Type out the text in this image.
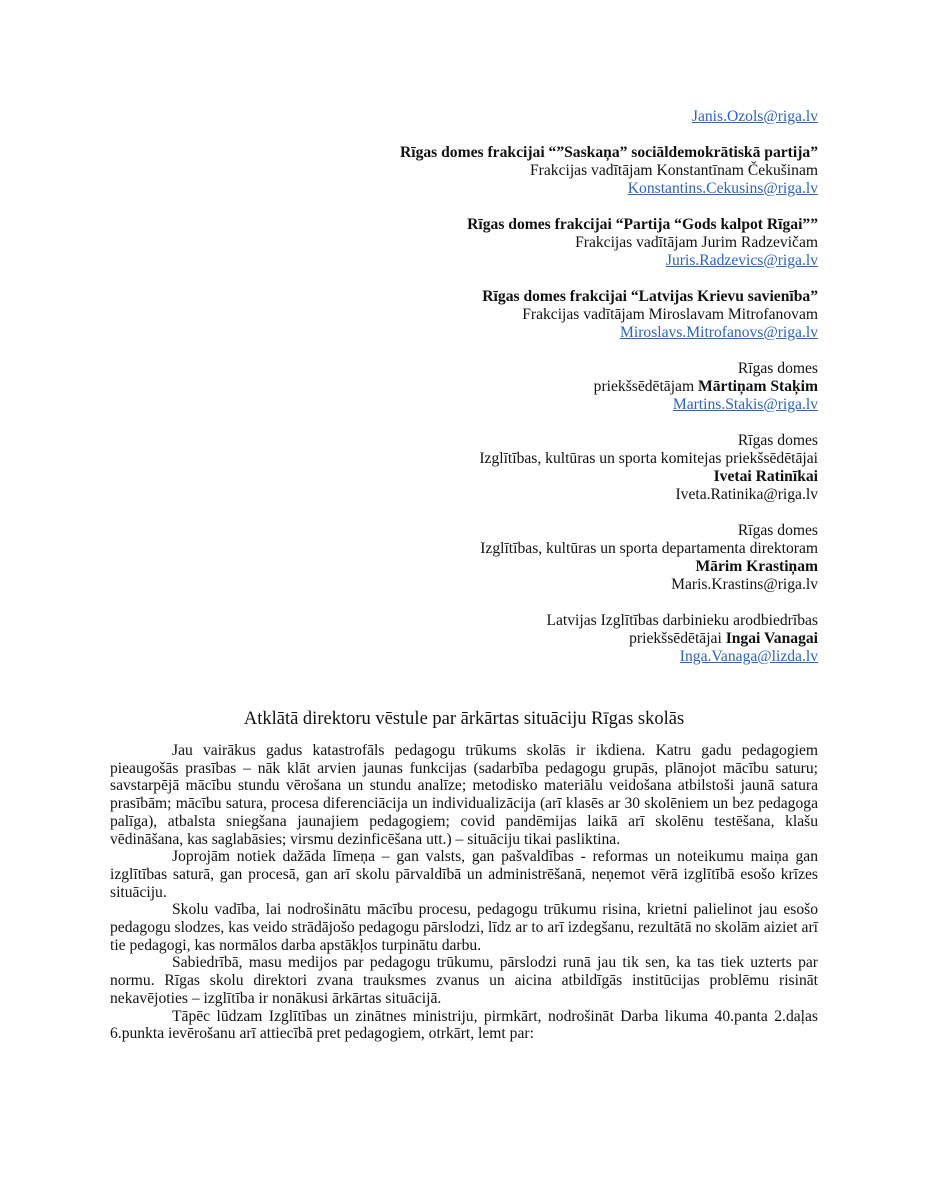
Janis.Ozols@riga.lv
Rīgas domes frakcijai “”Saskaņa” sociāldemokrātiskā partija”
Frakcijas vadītājam Konstantīnam Čekušinam
Konstantins.Cekusins@riga.lv
Rīgas domes frakcijai “Partija “Gods kalpot Rīgai””
Frakcijas vadītājam Jurim Radzevičam
Juris.Radzevics@riga.lv
Rīgas domes frakcijai “Latvijas Krievu savienība”
Frakcijas vadītājam Miroslavam Mitrofanovam
Miroslavs.Mitrofanovs@riga.lv
Rīgas domes
priekšsēdētājam Mārtiņam Staķim
Martins.Stakis@riga.lv
Rīgas domes
Izglītības, kultūras un sporta komitejas priekšsēdētājai
Ivetai Ratinīkai
Iveta.Ratinika@riga.lv
Rīgas domes
Izglītības, kultūras un sporta departamenta direktoram
Mārim Krastiņam
Maris.Krastins@riga.lv
Latvijas Izglītības darbinieku arodbiedrības
priekšsēdētājai Ingai Vanagai
Inga.Vanaga@lizda.lv
Atklātā direktoru vēstule par ārkārtas situāciju Rīgas skolās

Jau vairākus gadus katastrofāls pedagogu trūkums skolās ir ikdiena. Katru gadu pedagogiem pieaugošās prasības – nāk klāt arvien jaunas funkcijas (sadarbība pedagogu grupās, plānojot mācību saturu; savstarpējā mācību stundu vērošana un stundu analīze; metodisko materiālu veidošana atbilstoši jaunā satura prasībām; mācību satura, procesa diferenciācija un individualizācija (arī klasēs ar 30 skolēniem un bez pedagoga palīga), atbalsta sniegšana jaunajiem pedagogiem; covid pandēmijas laikā arī skolēnu testēšana, klašu vēdināšana, kas saglabāsies; virsmu dezinficēšana utt.) – situāciju tikai pasliktina.

Joprojām notiek dažāda līmeņa – gan valsts, gan pašvaldības - reformas un noteikumu maiņa gan izglītības saturā, gan procesā, gan arī skolu pārvaldībā un administrēšanā, neņemot vērā izglītībā esošo krīzes situāciju.

Skolu vadība, lai nodrošinātu mācību procesu, pedagogu trūkumu risina, krietni palielinot jau esošo pedagogu slodzes, kas veido strādājošo pedagogu pārslodzi, līdz ar to arī izdegšanu, rezultātā no skolām aiziet arī tie pedagogi, kas normālos darba apstākļos turpinātu darbu.

Sabiedrībā, masu medijos par pedagogu trūkumu, pārslodzi runā jau tik sen, ka tas tiek uzterts par normu. Rīgas skolu direktori zvana trauksmes zvanus un aicina atbildīgās institūcijas problēmu risināt nekavējoties – izglītība ir nonākusi ārkārtas situācijā.

Tāpēc lūdzam Izglītības un zinātnes ministriju, pirmkārt, nodrošināt Darba likuma 40.panta 2.daļas 6.punkta ievērošanu arī attiecībā pret pedagogiem, otrkārt, lemt par:
